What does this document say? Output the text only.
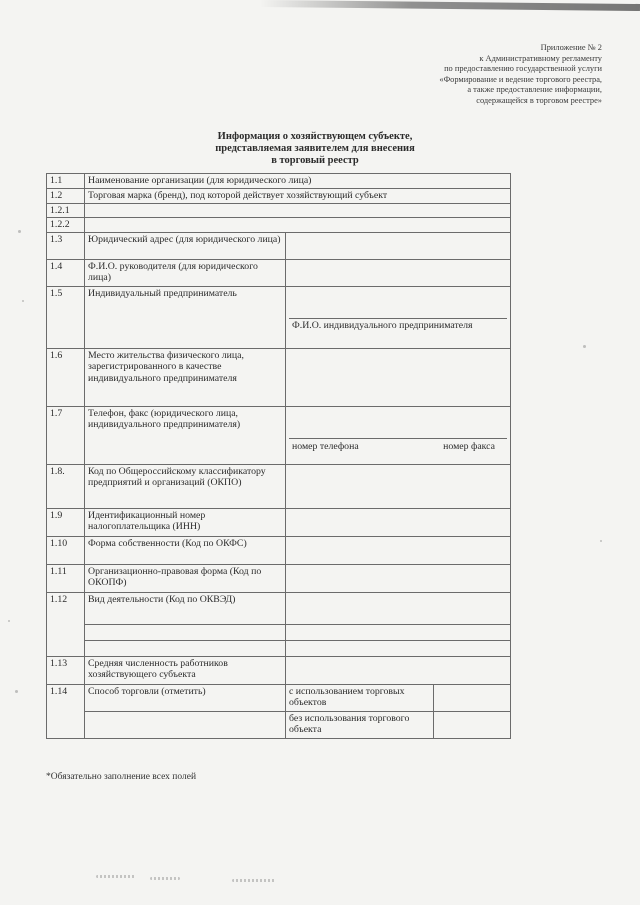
Приложение № 2
к Административному регламенту
по предоставлению государственной услуги
«Формирование и ведение торгового реестра,
а также предоставление информации,
содержащейся в торговом реестре»
Информация о хозяйствующем субъекте,
представляемая заявителем для внесения
в торговый реестр
1.1	Наименование организации (для юридического лица)		
1.2	Торговая марка (бренд), под которой действует хозяйствующий субъект		
1.2.1			
1.2.2			
1.3	Юридический адрес (для юридического лица)		
1.4	Ф.И.О. руководителя (для юридического лица)		
1.5	Индивидуальный предприниматель	Ф.И.О. индивидуального предпринимателя	

1.6	Место жительства физического лица, зарегистрированного в качестве индивидуального предпринимателя		
1.7	Телефон, факс (юридического лица, индивидуального предпринимателя)	номер телефона номер факса	

1.8.	Код по Общероссийскому классификатору предприятий и организаций (ОКПО)		
1.9	Идентификационный номер налогоплательщика (ИНН)		
1.10	Форма собственности (Код по ОКФС)		
1.11	Организационно-правовая форма (Код по ОКОПФ)		
1.12	Вид деятельности (Код по ОКВЭД)		

1.13	Средняя численность работников хозяйствующего субъекта		
1.14	Способ торговли (отметить)	с использованием торговых объектов	
		без использования торгового объекта	
*Обязательно заполнение всех полей
